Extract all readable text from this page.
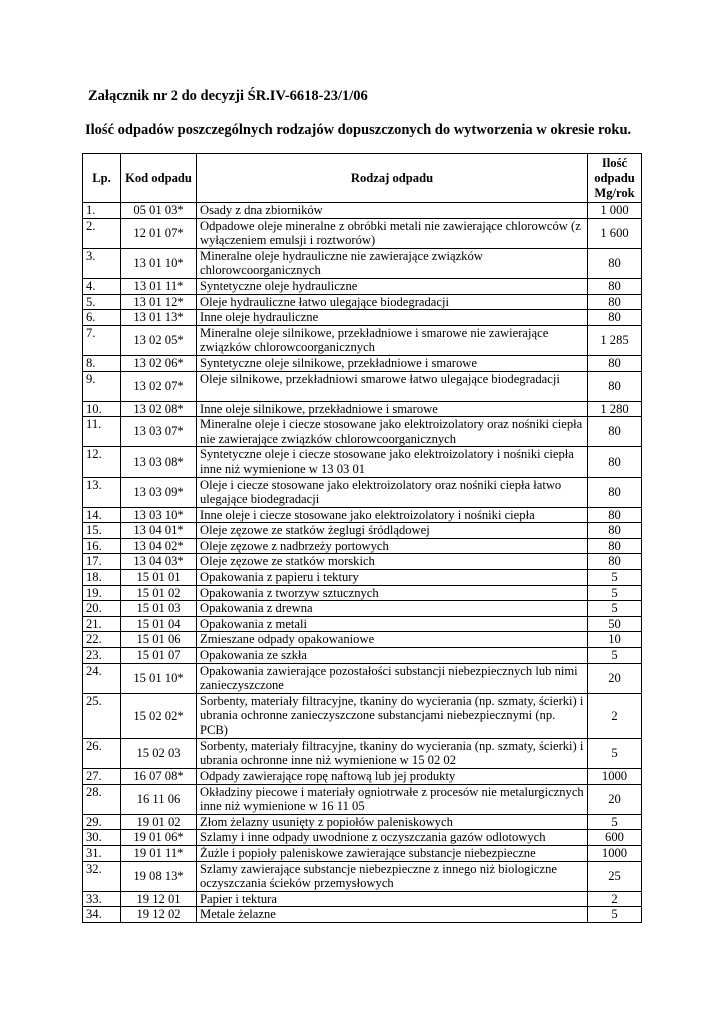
Załącznik nr 2 do decyzji ŚR.IV-6618-23/1/06
Ilość odpadów poszczególnych rodzajów dopuszczonych do wytworzenia w okresie roku.
Lp.	Kod odpadu	Rodzaj odpadu	Ilość odpadu Mg/rok
1.	05 01 03*	Osady z dna zbiorników	1 000
2.	12 01 07*	Odpadowe oleje mineralne z obróbki metali nie zawierające chlorowców (z wyłączeniem emulsji i roztworów)	1 600
3.	13 01 10*	Mineralne oleje hydrauliczne nie zawierające związków chlorowcoorganicznych	80
4.	13 01 11*	Syntetyczne oleje hydrauliczne	80
5.	13 01 12*	Oleje hydrauliczne łatwo ulegające biodegradacji	80
6.	13 01 13*	Inne oleje hydrauliczne	80
7.	13 02 05*	Mineralne oleje silnikowe, przekładniowe i smarowe nie zawierające związków chlorowcoorganicznych	1 285
8.	13 02 06*	Syntetyczne oleje silnikowe, przekładniowe i smarowe	80
9.	13 02 07*	Oleje silnikowe, przekładniowi smarowe łatwo ulegające biodegradacji	80
10.	13 02 08*	Inne oleje silnikowe, przekładniowe i smarowe	1 280
11.	13 03 07*	Mineralne oleje i ciecze stosowane jako elektroizolatory oraz nośniki ciepła nie zawierające związków chlorowcoorganicznych	80
12.	13 03 08*	Syntetyczne oleje i ciecze stosowane jako elektroizolatory i nośniki ciepła inne niż wymienione w 13 03 01	80
13.	13 03 09*	Oleje i ciecze stosowane jako elektroizolatory oraz nośniki ciepła łatwo ulegające biodegradacji	80
14.	13 03 10*	Inne oleje i ciecze stosowane jako elektroizolatory i nośniki ciepła	80
15.	13 04 01*	Oleje zęzowe ze statków żeglugi śródlądowej	80
16.	13 04 02*	Oleje zęzowe z nadbrzeży portowych	80
17.	13 04 03*	Oleje zęzowe ze statków morskich	80
18.	15 01 01	Opakowania z papieru i tektury	5
19.	15 01 02	Opakowania z tworzyw sztucznych	5
20.	15 01 03	Opakowania z drewna	5
21.	15 01 04	Opakowania z metali	50
22.	15 01 06	Zmieszane odpady opakowaniowe	10
23.	15 01 07	Opakowania ze szkła	5
24.	15 01 10*	Opakowania zawierające pozostałości substancji niebezpiecznych lub nimi zanieczyszczone	20
25.	15 02 02*	Sorbenty, materiały filtracyjne, tkaniny do wycierania (np. szmaty, ścierki) i ubrania ochronne zanieczyszczone substancjami niebezpiecznymi (np. PCB)	2
26.	15 02 03	Sorbenty, materiały filtracyjne, tkaniny do wycierania (np. szmaty, ścierki) i ubrania ochronne inne niż wymienione w 15 02 02	5
27.	16 07 08*	Odpady zawierające ropę naftową lub jej produkty	1000
28.	16 11 06	Okładziny piecowe i materiały ogniotrwałe z procesów nie metalurgicznych inne niż wymienione w 16 11 05	20
29.	19 01 02	Złom żelazny usunięty z popiołów paleniskowych	5
30.	19 01 06*	Szlamy i inne odpady uwodnione z oczyszczania gazów odlotowych	600
31.	19 01 11*	Żużle i popioły paleniskowe zawierające substancje niebezpieczne	1000
32.	19 08 13*	Szlamy zawierające substancje niebezpieczne z innego niż biologiczne oczyszczania ścieków przemysłowych	25
33.	19 12 01	Papier i tektura	2
34.	19 12 02	Metale żelazne	5
